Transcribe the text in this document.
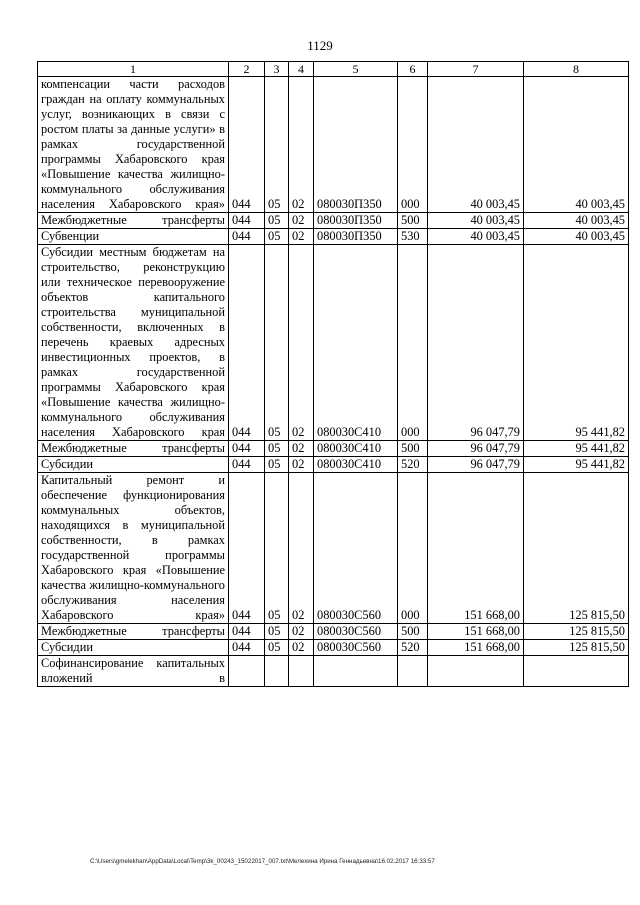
1129
1	2	3	4	5	6	7	8
компенсации части расходов граждан на оплату коммунальных услуг, возникающих в связи с ростом платы за данные услуги» в рамках государственной программы Хабаровского края «Повышение качества жилищно-коммунального обслуживания населения Хабаровского края»	044	05	02	080030П350	000	40 003,45	40 003,45
Межбюджетные трансферты	044	05	02	080030П350	500	40 003,45	40 003,45
Субвенции	044	05	02	080030П350	530	40 003,45	40 003,45
Субсидии местным бюджетам на строительство, реконструкцию или техническое перевооружение объектов капитального строительства муниципальной собственности, включенных в перечень краевых адресных инвестиционных проектов, в рамках государственной программы Хабаровского края «Повышение качества жилищно-коммунального обслуживания населения Хабаровского края	044	05	02	080030С410	000	96 047,79	95 441,82
Межбюджетные трансферты	044	05	02	080030С410	500	96 047,79	95 441,82
Субсидии	044	05	02	080030С410	520	96 047,79	95 441,82
Капитальный ремонт и обеспечение функционирования коммунальных объектов, находящихся в муниципальной собственности, в рамках государственной программы Хабаровского края «Повышение качества жилищно-коммунального обслуживания населения Хабаровского края»	044	05	02	080030С560	000	151 668,00	125 815,50
Межбюджетные трансферты	044	05	02	080030С560	500	151 668,00	125 815,50
Субсидии	044	05	02	080030С560	520	151 668,00	125 815,50
Софинансирование капитальных вложений в							
C:\Users\gmelekhan\AppData\Local\Temp\3k_00243_15022017_007.txt\Мелехина Ирина Геннадьевна\16.02.2017 16:33:57
